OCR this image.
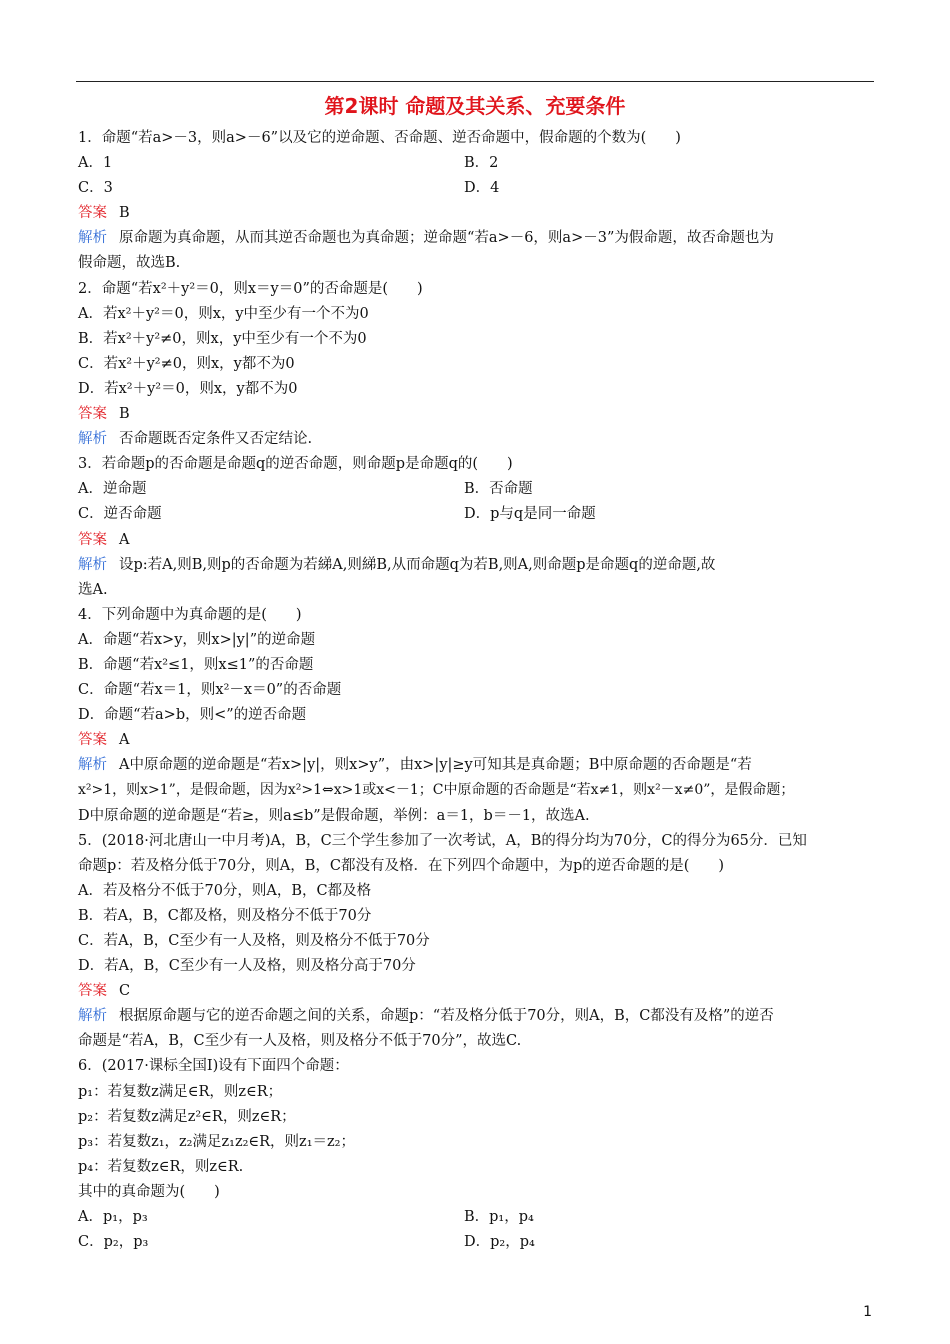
第2课时 命题及其关系、充要条件
1．命题“若a>－3，则a>－6”以及它的逆命题、否命题、逆否命题中，假命题的个数为(　　)
A．1	B．2
C．3	D．4
答案 B
解析 原命题为真命题，从而其逆否命题也为真命题；逆命题“若a>－6，则a>－3”为假命题，故否命题也为
假命题，故选B.
2．命题“若x²＋y²＝0，则x＝y＝0”的否命题是(　　)
A．若x²＋y²＝0，则x，y中至少有一个不为0
B．若x²＋y²≠0，则x，y中至少有一个不为0
C．若x²＋y²≠0，则x，y都不为0
D．若x²＋y²＝0，则x，y都不为0
答案 B
解析 否命题既否定条件又否定结论.
3．若命题p的否命题是命题q的逆否命题，则命题p是命题q的(　　)
A．逆命题	B．否命题
C．逆否命题	D．p与q是同一命题
答案 A
解析 设p:若A,则B,则p的否命题为若綈A,则綈B,从而命题q为若B,则A,则命题p是命题q的逆命题,故
选A.
4．下列命题中为真命题的是(　　)
A．命题“若x>y，则x>|y|”的逆命题
B．命题“若x²≤1，则x≤1”的否命题
C．命题“若x＝1，则x²－x＝0”的否命题
D．命题“若a>b，则<”的逆否命题
答案 A
解析 A中原命题的逆命题是“若x>|y|，则x>y”，由x>|y|≥y可知其是真命题；B中原命题的否命题是“若
x²>1，则x>1”，是假命题，因为x²>1⇔x>1或x<－1；C中原命题的否命题是“若x≠1，则x²－x≠0”，是假命题；
D中原命题的逆命题是“若≥，则a≤b”是假命题，举例：a＝1，b＝－1，故选A.
5．(2018·河北唐山一中月考)A，B，C三个学生参加了一次考试，A，B的得分均为70分，C的得分为65分．已知
命题p：若及格分低于70分，则A，B，C都没有及格．在下列四个命题中，为p的逆否命题的是(　　)
A．若及格分不低于70分，则A，B，C都及格
B．若A，B，C都及格，则及格分不低于70分
C．若A，B，C至少有一人及格，则及格分不低于70分
D．若A，B，C至少有一人及格，则及格分高于70分
答案 C
解析 根据原命题与它的逆否命题之间的关系，命题p：“若及格分低于70分，则A，B，C都没有及格”的逆否
命题是“若A，B，C至少有一人及格，则及格分不低于70分”，故选C.
6．(2017·课标全国Ⅰ)设有下面四个命题：
p₁：若复数z满足∈R，则z∈R；
p₂：若复数z满足z²∈R，则z∈R；
p₃：若复数z₁，z₂满足z₁z₂∈R，则z₁＝z₂；
p₄：若复数z∈R，则z∈R.
其中的真命题为(　　)
A．p₁，p₃	B．p₁，p₄
C．p₂，p₃	D．p₂，p₄
1
